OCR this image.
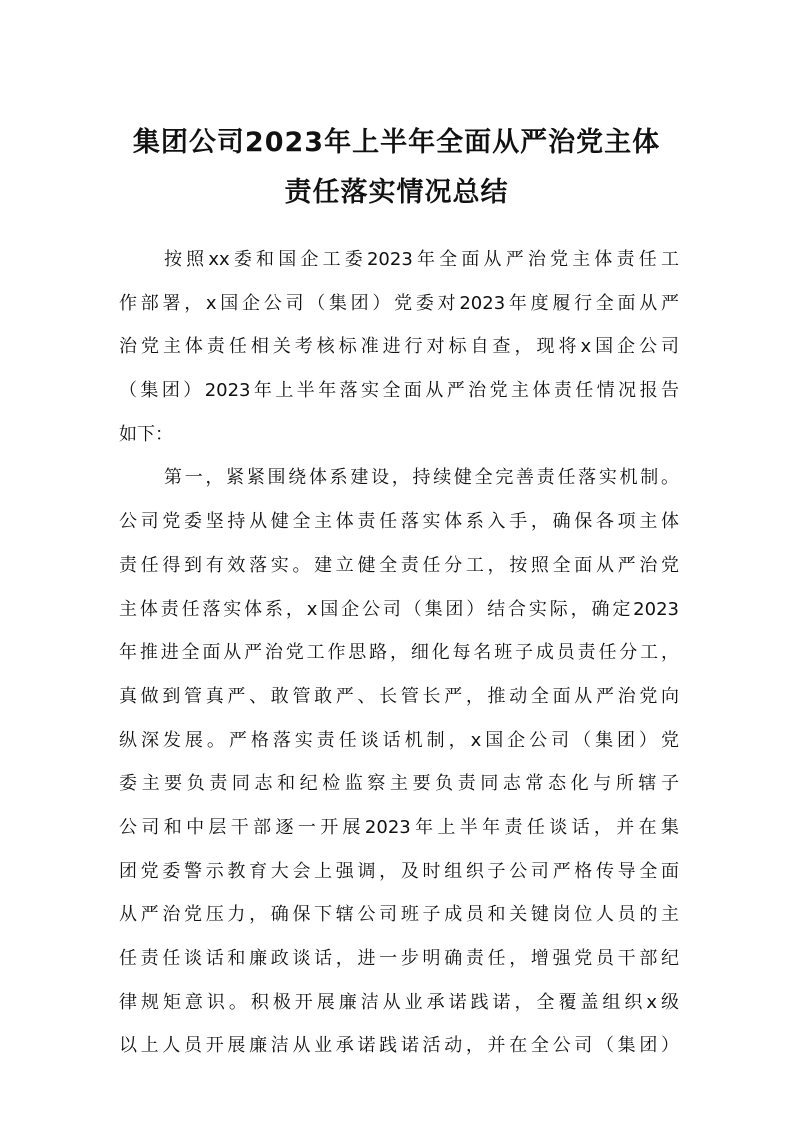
集团公司2023年上半年全面从严治党主体
责任落实情况总结
按照xx委和国企工委2023年全面从严治党主体责任工
作部署，x国企公司（集团）党委对2023年度履行全面从严
治党主体责任相关考核标准进行对标自查，现将x国企公司
（集团）2023年上半年落实全面从严治党主体责任情况报告
如下：
第一，紧紧围绕体系建设，持续健全完善责任落实机制。
公司党委坚持从健全主体责任落实体系入手，确保各项主体
责任得到有效落实。建立健全责任分工，按照全面从严治党
主体责任落实体系，x国企公司（集团）结合实际，确定2023
年推进全面从严治党工作思路，细化每名班子成员责任分工，
真做到管真严、敢管敢严、长管长严，推动全面从严治党向
纵深发展。严格落实责任谈话机制，x国企公司（集团）党
委主要负责同志和纪检监察主要负责同志常态化与所辖子
公司和中层干部逐一开展2023年上半年责任谈话，并在集
团党委警示教育大会上强调，及时组织子公司严格传导全面
从严治党压力，确保下辖公司班子成员和关键岗位人员的主
任责任谈话和廉政谈话，进一步明确责任，增强党员干部纪
律规矩意识。积极开展廉洁从业承诺践诺，全覆盖组织x级
以上人员开展廉洁从业承诺践诺活动，并在全公司（集团）
